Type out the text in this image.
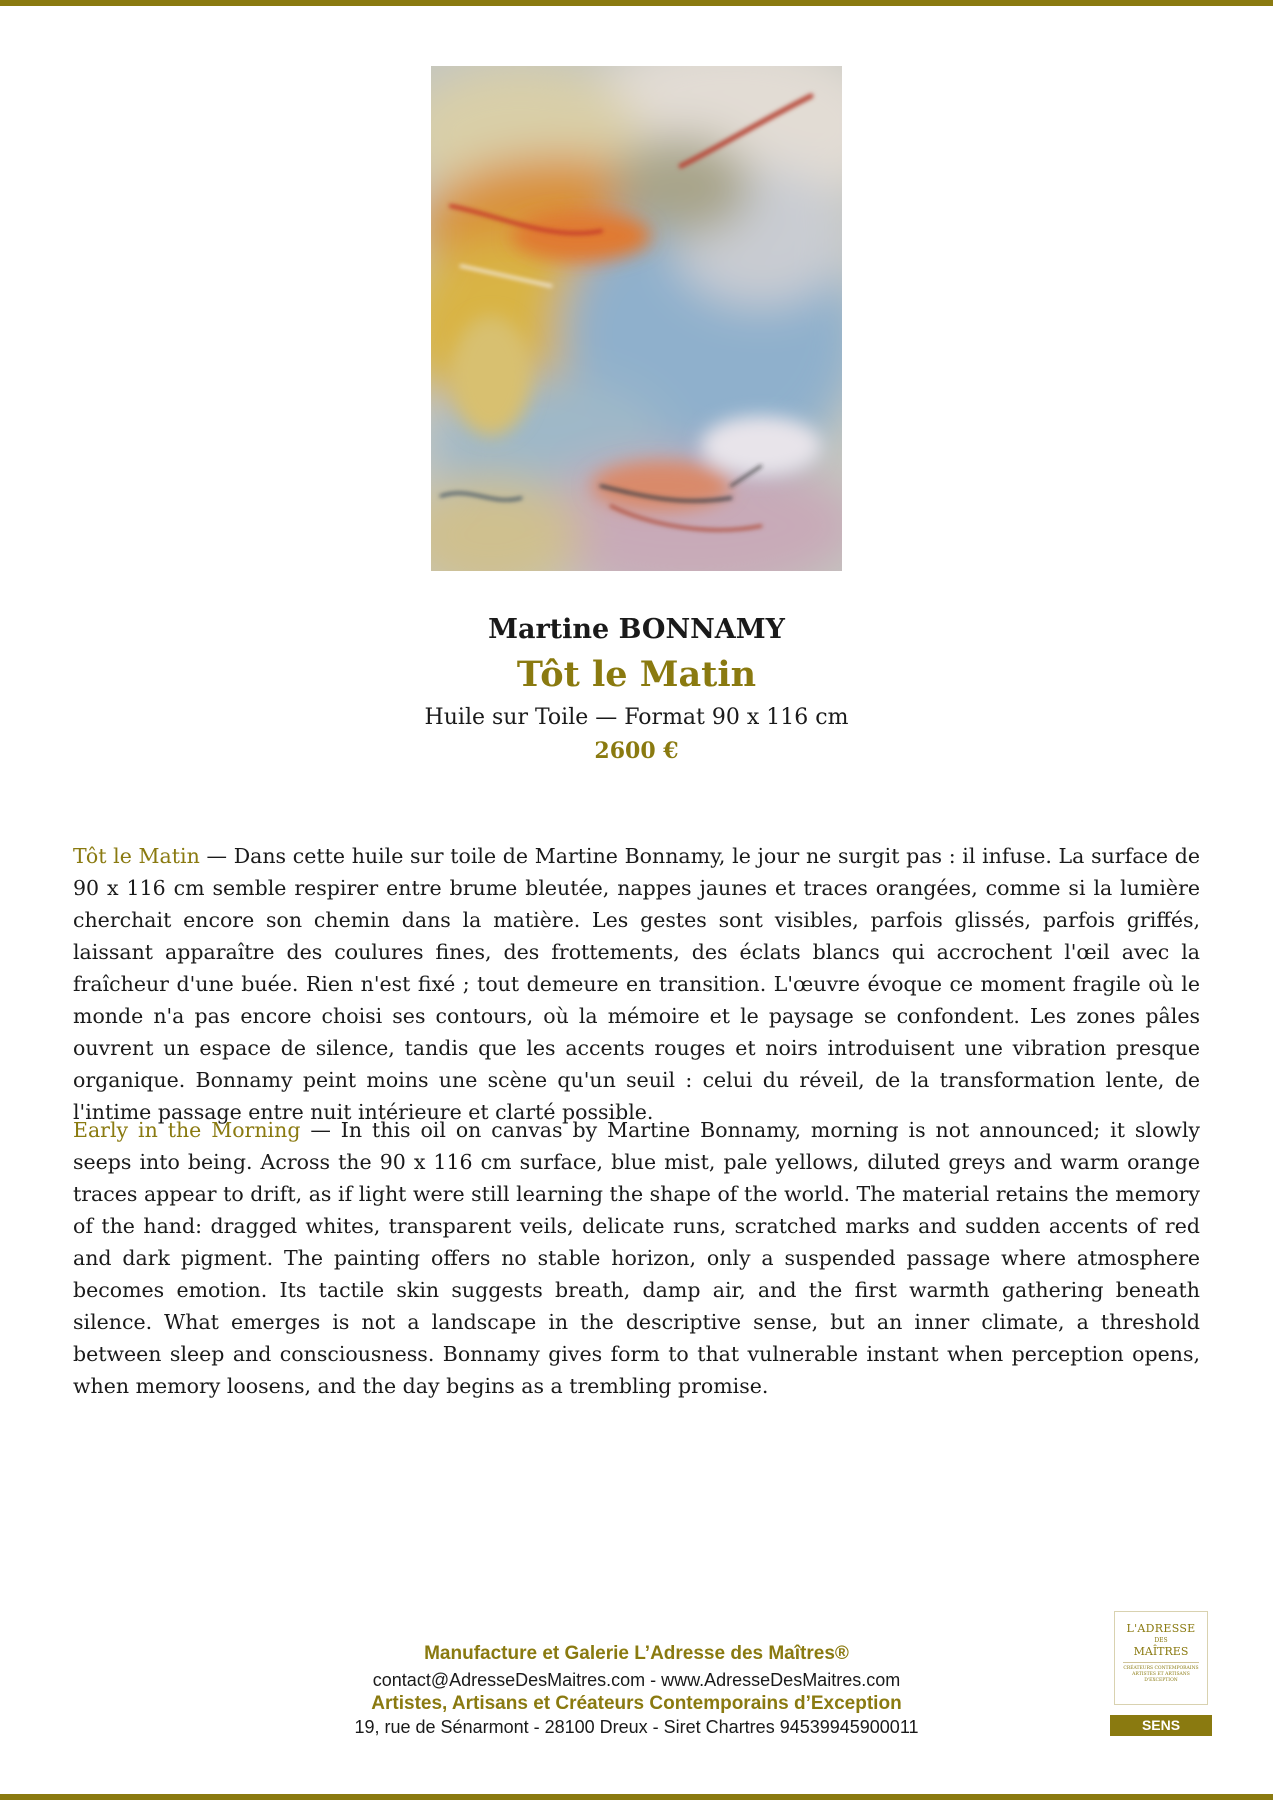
Martine BONNAMY
Tôt le Matin
Huile sur Toile — Format 90 x 116 cm
2600 €

Tôt le Matin — Dans cette huile sur toile de Martine Bonnamy, le jour ne surgit pas : il infuse. La surface de 90 x 116 cm semble respirer entre brume bleutée, nappes jaunes et traces orangées, comme si la lumière cherchait encore son chemin dans la matière. Les gestes sont visibles, parfois glissés, parfois griffés, laissant apparaître des coulures fines, des frottements, des éclats blancs qui accrochent l'œil avec la fraîcheur d'une buée. Rien n'est fixé ; tout demeure en transition. L'œuvre évoque ce moment fragile où le monde n'a pas encore choisi ses contours, où la mémoire et le paysage se confondent. Les zones pâles ouvrent un espace de silence, tandis que les accents rouges et noirs introduisent une vibration presque organique. Bonnamy peint moins une scène qu'un seuil : celui du réveil, de la transformation lente, de l'intime passage entre nuit intérieure et clarté possible.

Early in the Morning — In this oil on canvas by Martine Bonnamy, morning is not announced; it slowly seeps into being. Across the 90 x 116 cm surface, blue mist, pale yellows, diluted greys and warm orange traces appear to drift, as if light were still learning the shape of the world. The material retains the memory of the hand: dragged whites, transparent veils, delicate runs, scratched marks and sudden accents of red and dark pigment. The painting offers no stable horizon, only a suspended passage where atmosphere becomes emotion. Its tactile skin suggests breath, damp air, and the first warmth gathering beneath silence. What emerges is not a landscape in the descriptive sense, but an inner climate, a threshold between sleep and consciousness. Bonnamy gives form to that vulnerable instant when perception opens, when memory loosens, and the day begins as a trembling promise.

Manufacture et Galerie L’Adresse des Maîtres®
contact@AdresseDesMaitres.com - www.AdresseDesMaitres.com
Artistes, Artisans et Créateurs Contemporains d’Exception
19, rue de Sénarmont - 28100 Dreux - Siret Chartres 94539945900011
L'ADRESSE
DES
MAÎTRES
CRÉATEURS CONTEMPORAINS ARTISTES ET ARTISANS D'EXCEPTION
SENS
